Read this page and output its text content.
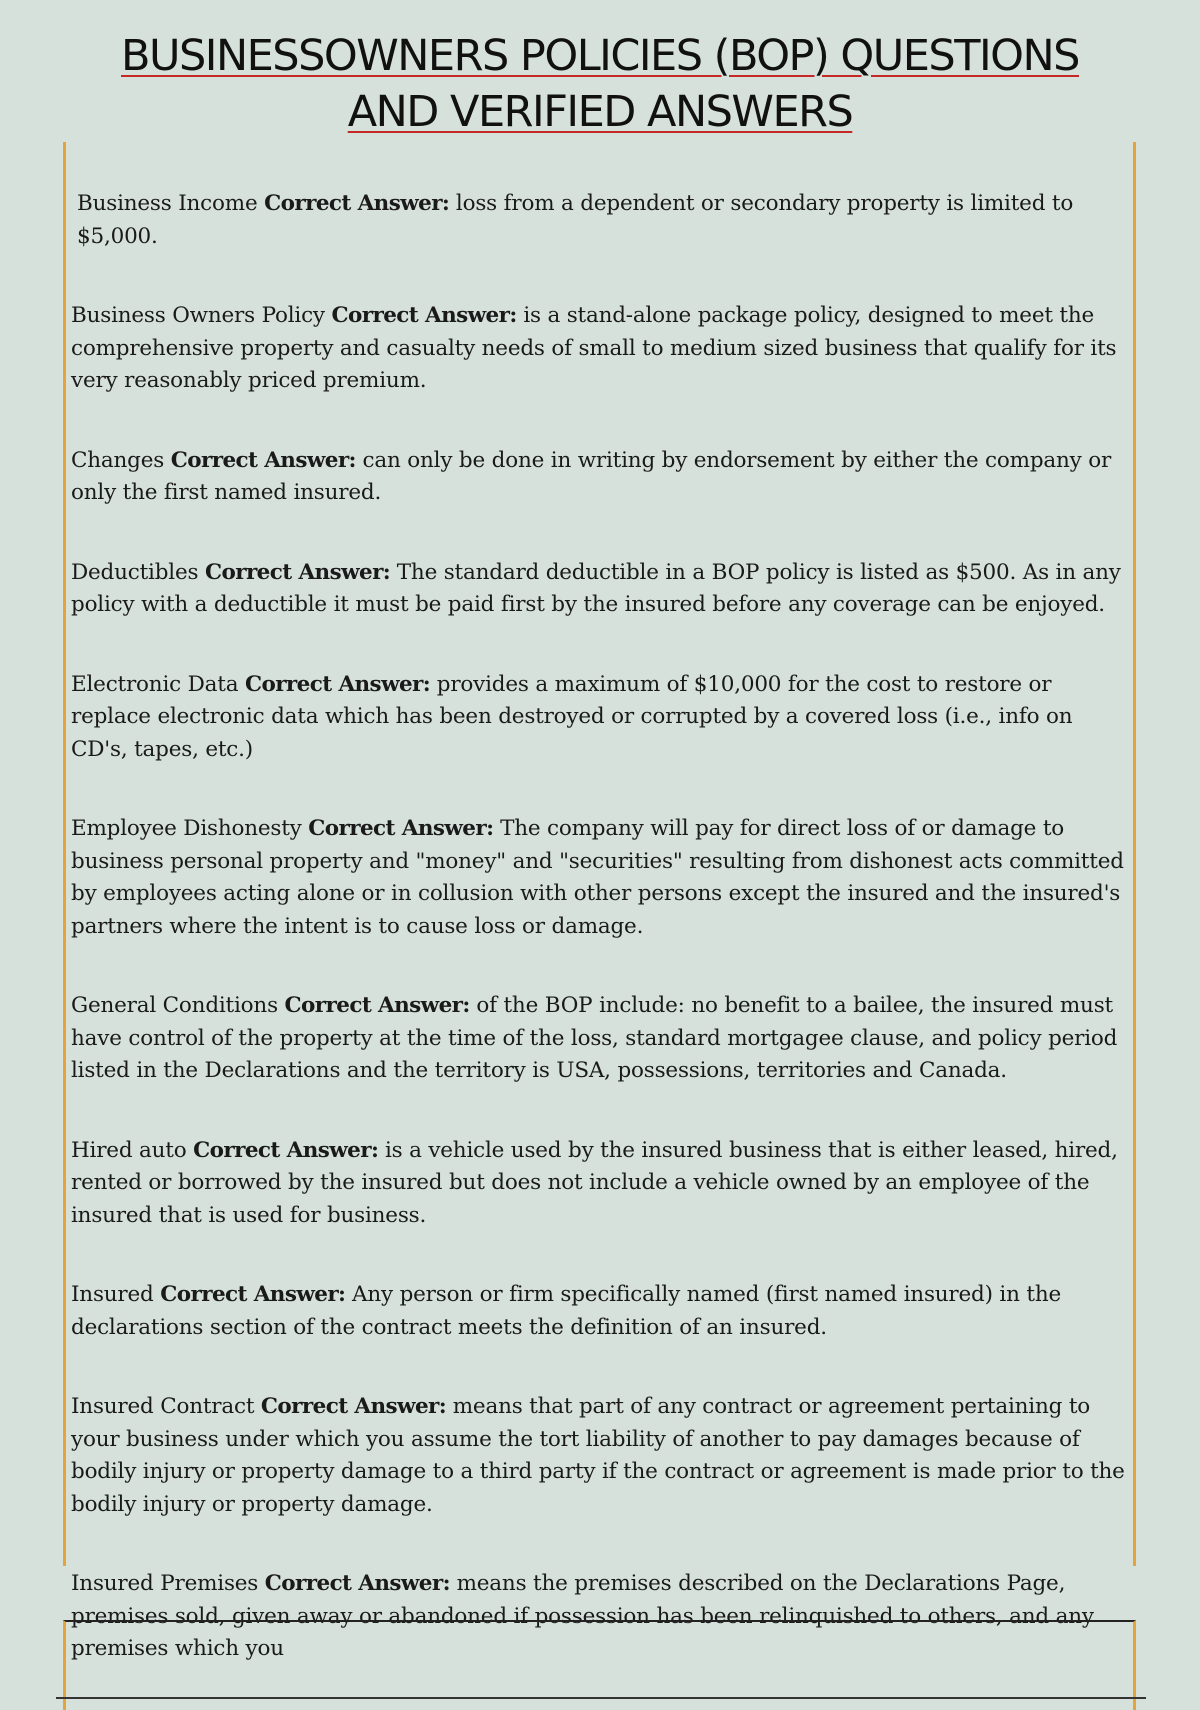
BUSINESSOWNERS POLICIES (BOP) QUESTIONS
AND VERIFIED ANSWERS

Business Income Correct Answer: loss from a dependent or secondary property is limited to $5,000.

Business Owners Policy Correct Answer: is a stand-alone package policy, designed to meet the comprehensive property and casualty needs of small to medium sized business that qualify for its very reasonably priced premium.

Changes Correct Answer: can only be done in writing by endorsement by either the company or only the first named insured.

Deductibles Correct Answer: The standard deductible in a BOP policy is listed as $500. As in any policy with a deductible it must be paid first by the insured before any coverage can be enjoyed.

Electronic Data Correct Answer: provides a maximum of $10,000 for the cost to restore or replace electronic data which has been destroyed or corrupted by a covered loss (i.e., info on CD's, tapes, etc.)

Employee Dishonesty Correct Answer: The company will pay for direct loss of or damage to business personal property and "money" and "securities" resulting from dishonest acts committed by employees acting alone or in collusion with other persons except the insured and the insured's partners where the intent is to cause loss or damage.

General Conditions Correct Answer: of the BOP include: no benefit to a bailee, the insured must have control of the property at the time of the loss, standard mortgagee clause, and policy period listed in the Declarations and the territory is USA, possessions, territories and Canada.

Hired auto Correct Answer: is a vehicle used by the insured business that is either leased, hired, rented or borrowed by the insured but does not include a vehicle owned by an employee of the insured that is used for business.

Insured Correct Answer: Any person or firm specifically named (first named insured) in the declarations section of the contract meets the definition of an insured.

Insured Contract Correct Answer: means that part of any contract or agreement pertaining to your business under which you assume the tort liability of another to pay damages because of bodily injury or property damage to a third party if the contract or agreement is made prior to the bodily injury or property damage.

Insured Premises Correct Answer: means the premises described on the Declarations Page, premises sold, given away or abandoned if possession has been relinquished to others, and any premises which you
